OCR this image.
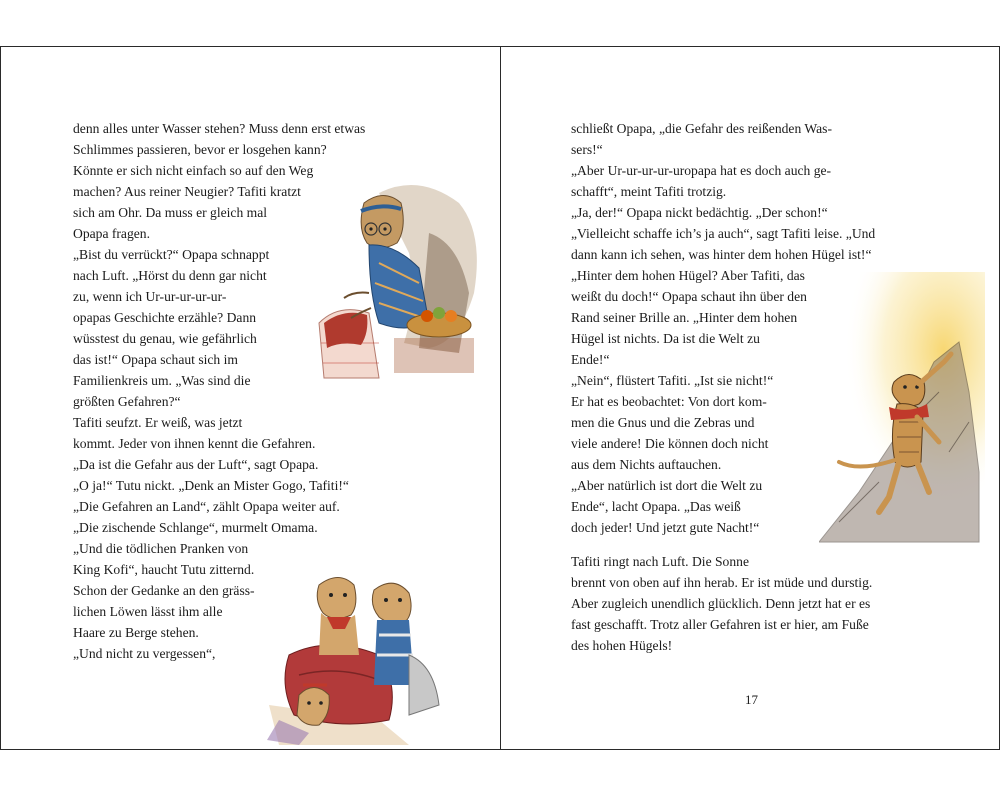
denn alles unter Wasser stehen? Muss denn erst etwas
Schlimmes passieren, bevor er losgehen kann?
Könnte er sich nicht einfach so auf den Weg
machen? Aus reiner Neugier? Tafiti kratzt
sich am Ohr. Da muss er gleich mal
Opapa fragen.
„Bist du verrückt?“ Opapa schnappt
nach Luft. „Hörst du denn gar nicht
zu, wenn ich Ur-ur-ur-ur-ur-
opapas Geschichte erzähle? Dann
wüsstest du genau, wie gefährlich
das ist!“ Opapa schaut sich im
Familienkreis um. „Was sind die
größten Gefahren?“
Tafiti seufzt. Er weiß, was jetzt
kommt. Jeder von ihnen kennt die Gefahren.
„Da ist die Gefahr aus der Luft“, sagt Opapa.
„O ja!“ Tutu nickt. „Denk an Mister Gogo, Tafiti!“
„Die Gefahren an Land“, zählt Opapa weiter auf.
„Die zischende Schlange“, murmelt Omama.
„Und die tödlichen Pranken von
King Kofi“, haucht Tutu zitternd.
Schon der Gedanke an den gräss-
lichen Löwen lässt ihm alle
Haare zu Berge stehen.
„Und nicht zu vergessen“,
schließt Opapa, „die Gefahr des reißenden Was-
sers!“
„Aber Ur-ur-ur-ur-uropapa hat es doch auch ge-
schafft“, meint Tafiti trotzig.
„Ja, der!“ Opapa nickt bedächtig. „Der schon!“
„Vielleicht schaffe ich’s ja auch“, sagt Tafiti leise. „Und
dann kann ich sehen, was hinter dem hohen Hügel ist!“
„Hinter dem hohen Hügel? Aber Tafiti, das
weißt du doch!“ Opapa schaut ihn über den
Rand seiner Brille an. „Hinter dem hohen
Hügel ist nichts. Da ist die Welt zu
Ende!“
„Nein“, flüstert Tafiti. „Ist sie nicht!“
Er hat es beobachtet: Von dort kom-
men die Gnus und die Zebras und
viele andere! Die können doch nicht
aus dem Nichts auftauchen.
„Aber natürlich ist dort die Welt zu
Ende“, lacht Opapa. „Das weiß
doch jeder! Und jetzt gute Nacht!“
Tafiti ringt nach Luft. Die Sonne
brennt von oben auf ihn herab. Er ist müde und durstig.
Aber zugleich unendlich glücklich. Denn jetzt hat er es
fast geschafft. Trotz aller Gefahren ist er hier, am Fuße
des hohen Hügels!
17
